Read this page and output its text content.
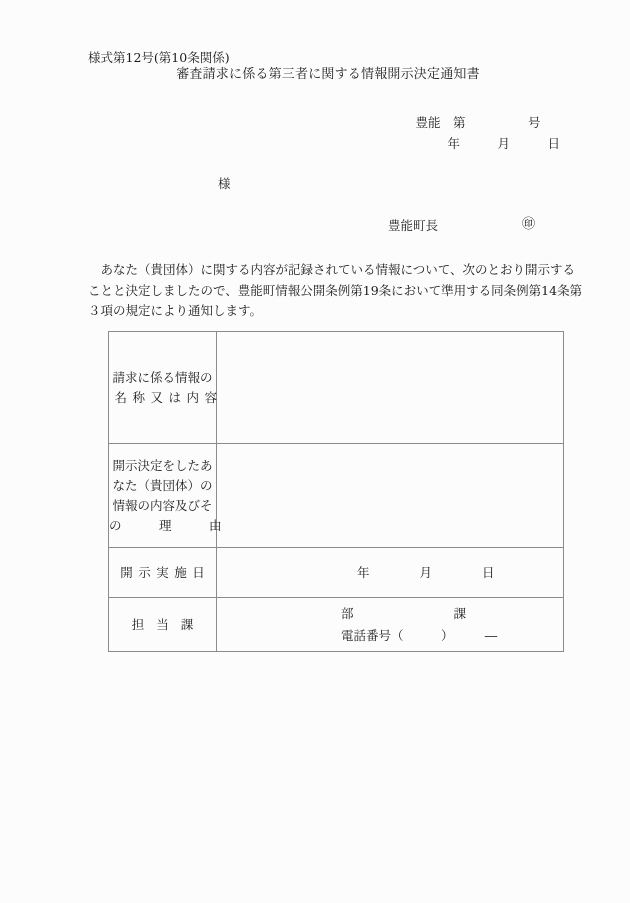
様式第12号(第10条関係)
審査請求に係る第三者に関する情報開示決定通知書
豊能　第　　　　　号
年　　　月　　　日
様
豊能町長	㊞
　あなた（貴団体）に関する内容が記録されている情報について、次のとおり開示する
ことと決定しましたので、豊能町情報公開条例第19条において準用する同条例第14条第
３項の規定により通知します。
請求に係る情報の
名称又は内容	

開示決定をしたあ
なた（貴団体）の
情報の内容及びそ
の　　　理　　　由	

開示実施日	年　　　　月　　　　日

担当課	部　　　　　　　　課
電話番号（　　　）　　　―
